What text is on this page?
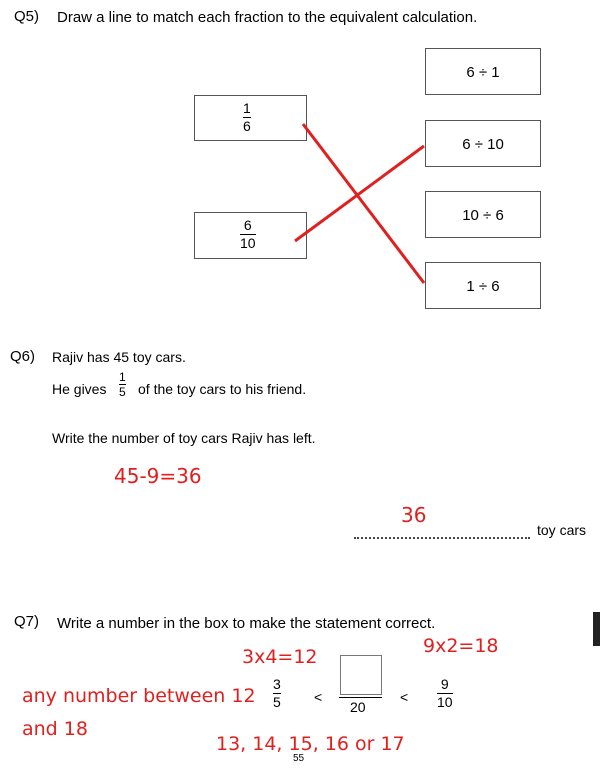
Q5) Draw a line to match each fraction to the equivalent calculation.
1
6
6
10
6 ÷ 1
6 ÷ 10
10 ÷ 6
1 ÷ 6
Q6) Rajiv has 45 toy cars.
He gives
1
5 of the toy cars to his friend.
Write the number of toy cars Rajiv has left.
45-9=36
36
toy cars
Q7) Write a number in the box to make the statement correct.
9x2=18
3x4=12
any number between 12
3
5 <
20
<
9
10
and 18
13, 14, 15, 16 or 17
55
